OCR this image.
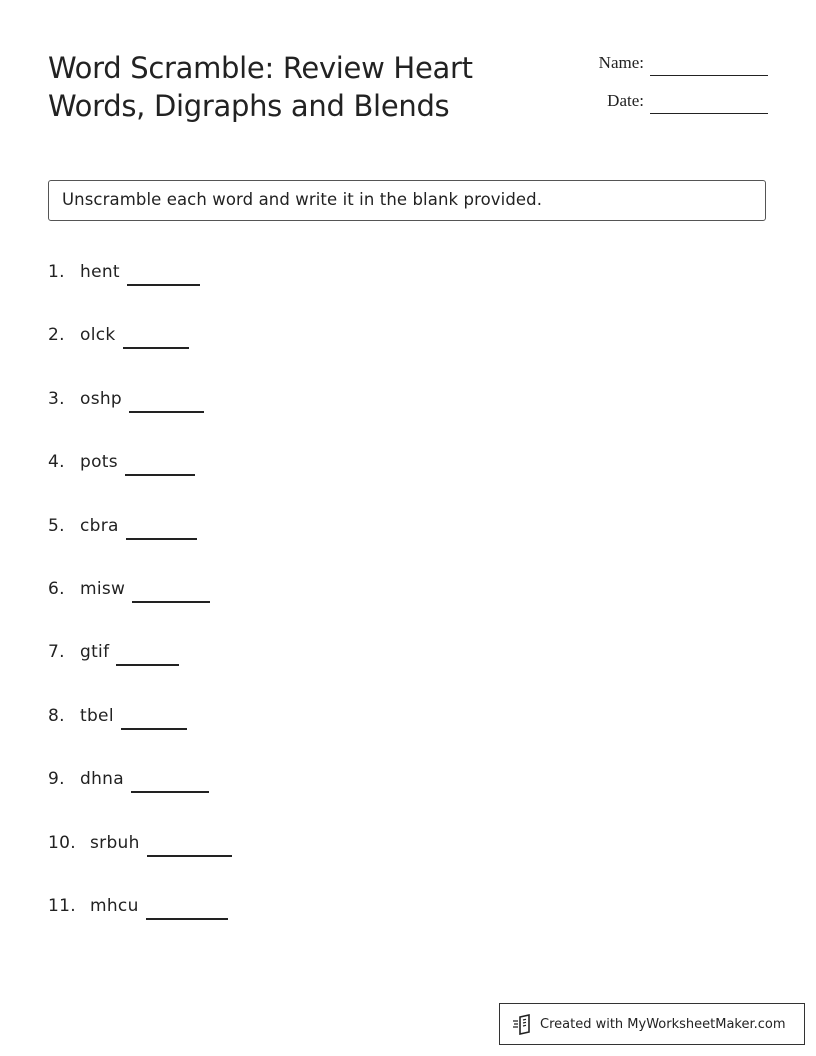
Word Scramble: Review Heart
Words, Digraphs and Blends
Name:
Date:
Unscramble each word and write it in the blank provided.
1. hent
2. olck
3. oshp
4. pots
5. cbra
6. misw
7. gtif
8. tbel
9. dhna
10. srbuh
11. mhcu
Created with MyWorksheetMaker.com
